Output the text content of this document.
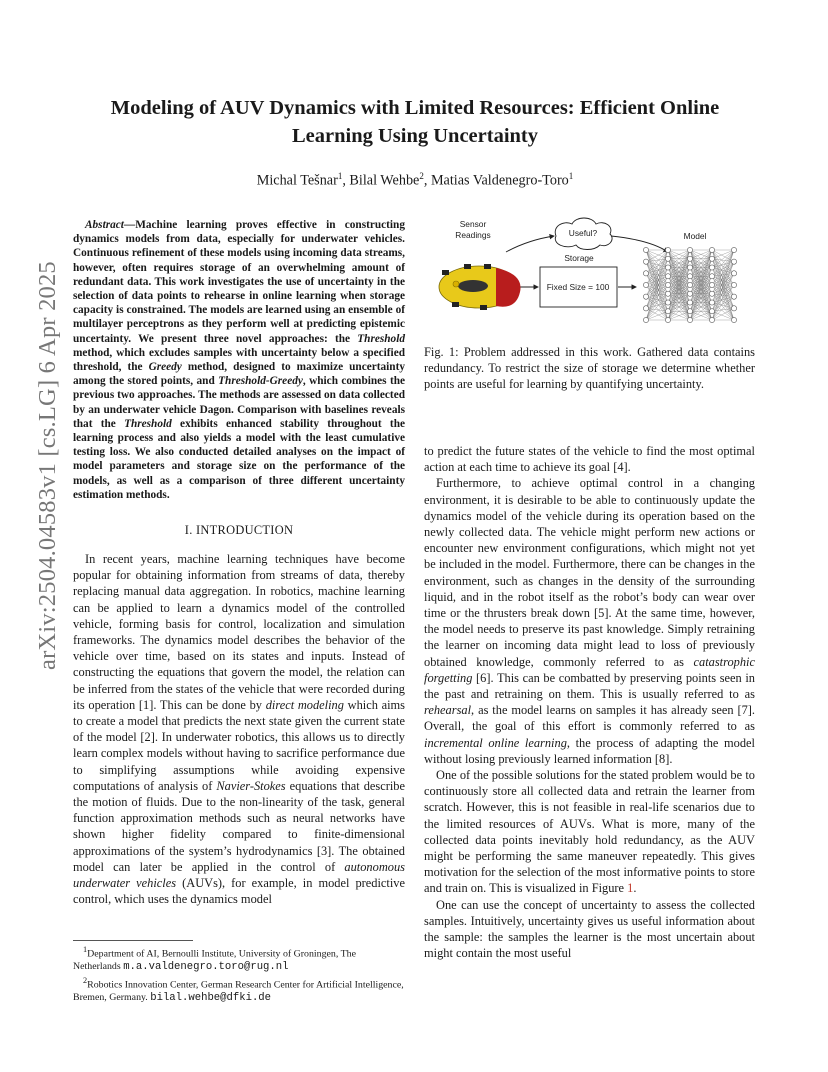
arXiv:2504.04583v1 [cs.LG] 6 Apr 2025
Modeling of AUV Dynamics with Limited Resources: Efficient Online
Learning Using Uncertainty
Michal Tešnar$^1$, Bilal Wehbe$^2$, Matias Valdenegro-Toro$^1$

Abstract—Machine learning proves effective in constructing dynamics models from data, especially for underwater vehicles. Continuous refinement of these models using incoming data streams, however, often requires storage of an overwhelming amount of redundant data. This work investigates the use of uncertainty in the selection of data points to rehearse in online learning when storage capacity is constrained. The models are learned using an ensemble of multilayer perceptrons as they perform well at predicting epistemic uncertainty. We present three novel approaches: the Threshold method, which excludes samples with uncertainty below a specified threshold, the Greedy method, designed to maximize uncertainty among the stored points, and Threshold-Greedy, which combines the previous two approaches. The methods are assessed on data collected by an underwater vehicle Dagon. Comparison with baselines reveals that the Threshold exhibits enhanced stability throughout the learning process and also yields a model with the least cumulative testing loss. We also conducted detailed analyses on the impact of model parameters and storage size on the performance of the models, as well as a comparison of three different uncertainty estimation methods.

I. INTRODUCTION

In recent years, machine learning techniques have become popular for obtaining information from streams of data, thereby replacing manual data aggregation. In robotics, machine learning can be applied to learn a dynamics model of the controlled vehicle, forming basis for control, localization and simulation frameworks. The dynamics model describes the behavior of the vehicle over time, based on its states and inputs. Instead of constructing the equations that govern the model, the relation can be inferred from the states of the vehicle that were recorded during its operation [1]. This can be done by direct modeling which aims to create a model that predicts the next state given the current state of the model [2]. In underwater robotics, this allows us to directly learn complex models without having to sacrifice performance due to simplifying assumptions while avoiding expensive computations of analysis of Navier-Stokes equations that describe the motion of fluids. Due to the non-linearity of the task, general function approximation methods such as neural networks have shown higher fidelity compared to finite-dimensional approximations of the system’s hydrodynamics [3]. The obtained model can later be applied in the control of autonomous underwater vehicles (AUVs), for example, in model predictive control, which uses the dynamics model

$^1$Department of AI, Bernoulli Institute, University of Groningen, The Netherlands m.a.valdenegro.toro@rug.nl

$^2$Robotics Innovation Center, German Research Center for Artificial Intelligence, Bremen, Germany. bilal.wehbe@dfki.de

Sensor
Readings	Model
Useful?
Storage
Fixed Size = 100
Fig. 1: Problem addressed in this work. Gathered data contains redundancy. To restrict the size of storage we determine whether points are useful for learning by quantifying uncertainty.

to predict the future states of the vehicle to find the most optimal action at each time to achieve its goal [4].

Furthermore, to achieve optimal control in a changing environment, it is desirable to be able to continuously update the dynamics model of the vehicle during its operation based on the newly collected data. The vehicle might perform new actions or encounter new environment configurations, which might not yet be included in the model. Furthermore, there can be changes in the environment, such as changes in the density of the surrounding liquid, and in the robot itself as the robot’s body can wear over time or the thrusters break down [5]. At the same time, however, the model needs to preserve its past knowledge. Simply retraining the learner on incoming data might lead to loss of previously obtained knowledge, commonly referred to as catastrophic forgetting [6]. This can be combatted by preserving points seen in the past and retraining on them. This is usually referred to as rehearsal, as the model learns on samples it has already seen [7]. Overall, the goal of this effort is commonly referred to as incremental online learning, the process of adapting the model without losing previously learned information [8].

One of the possible solutions for the stated problem would be to continuously store all collected data and retrain the learner from scratch. However, this is not feasible in real-life scenarios due to the limited resources of AUVs. What is more, many of the collected data points inevitably hold redundancy, as the AUV might be performing the same maneuver repeatedly. This gives motivation for the selection of the most informative points to store and train on. This is visualized in Figure 1.

One can use the concept of uncertainty to assess the collected samples. Intuitively, uncertainty gives us useful information about the sample: the samples the learner is the most uncertain about might contain the most useful
